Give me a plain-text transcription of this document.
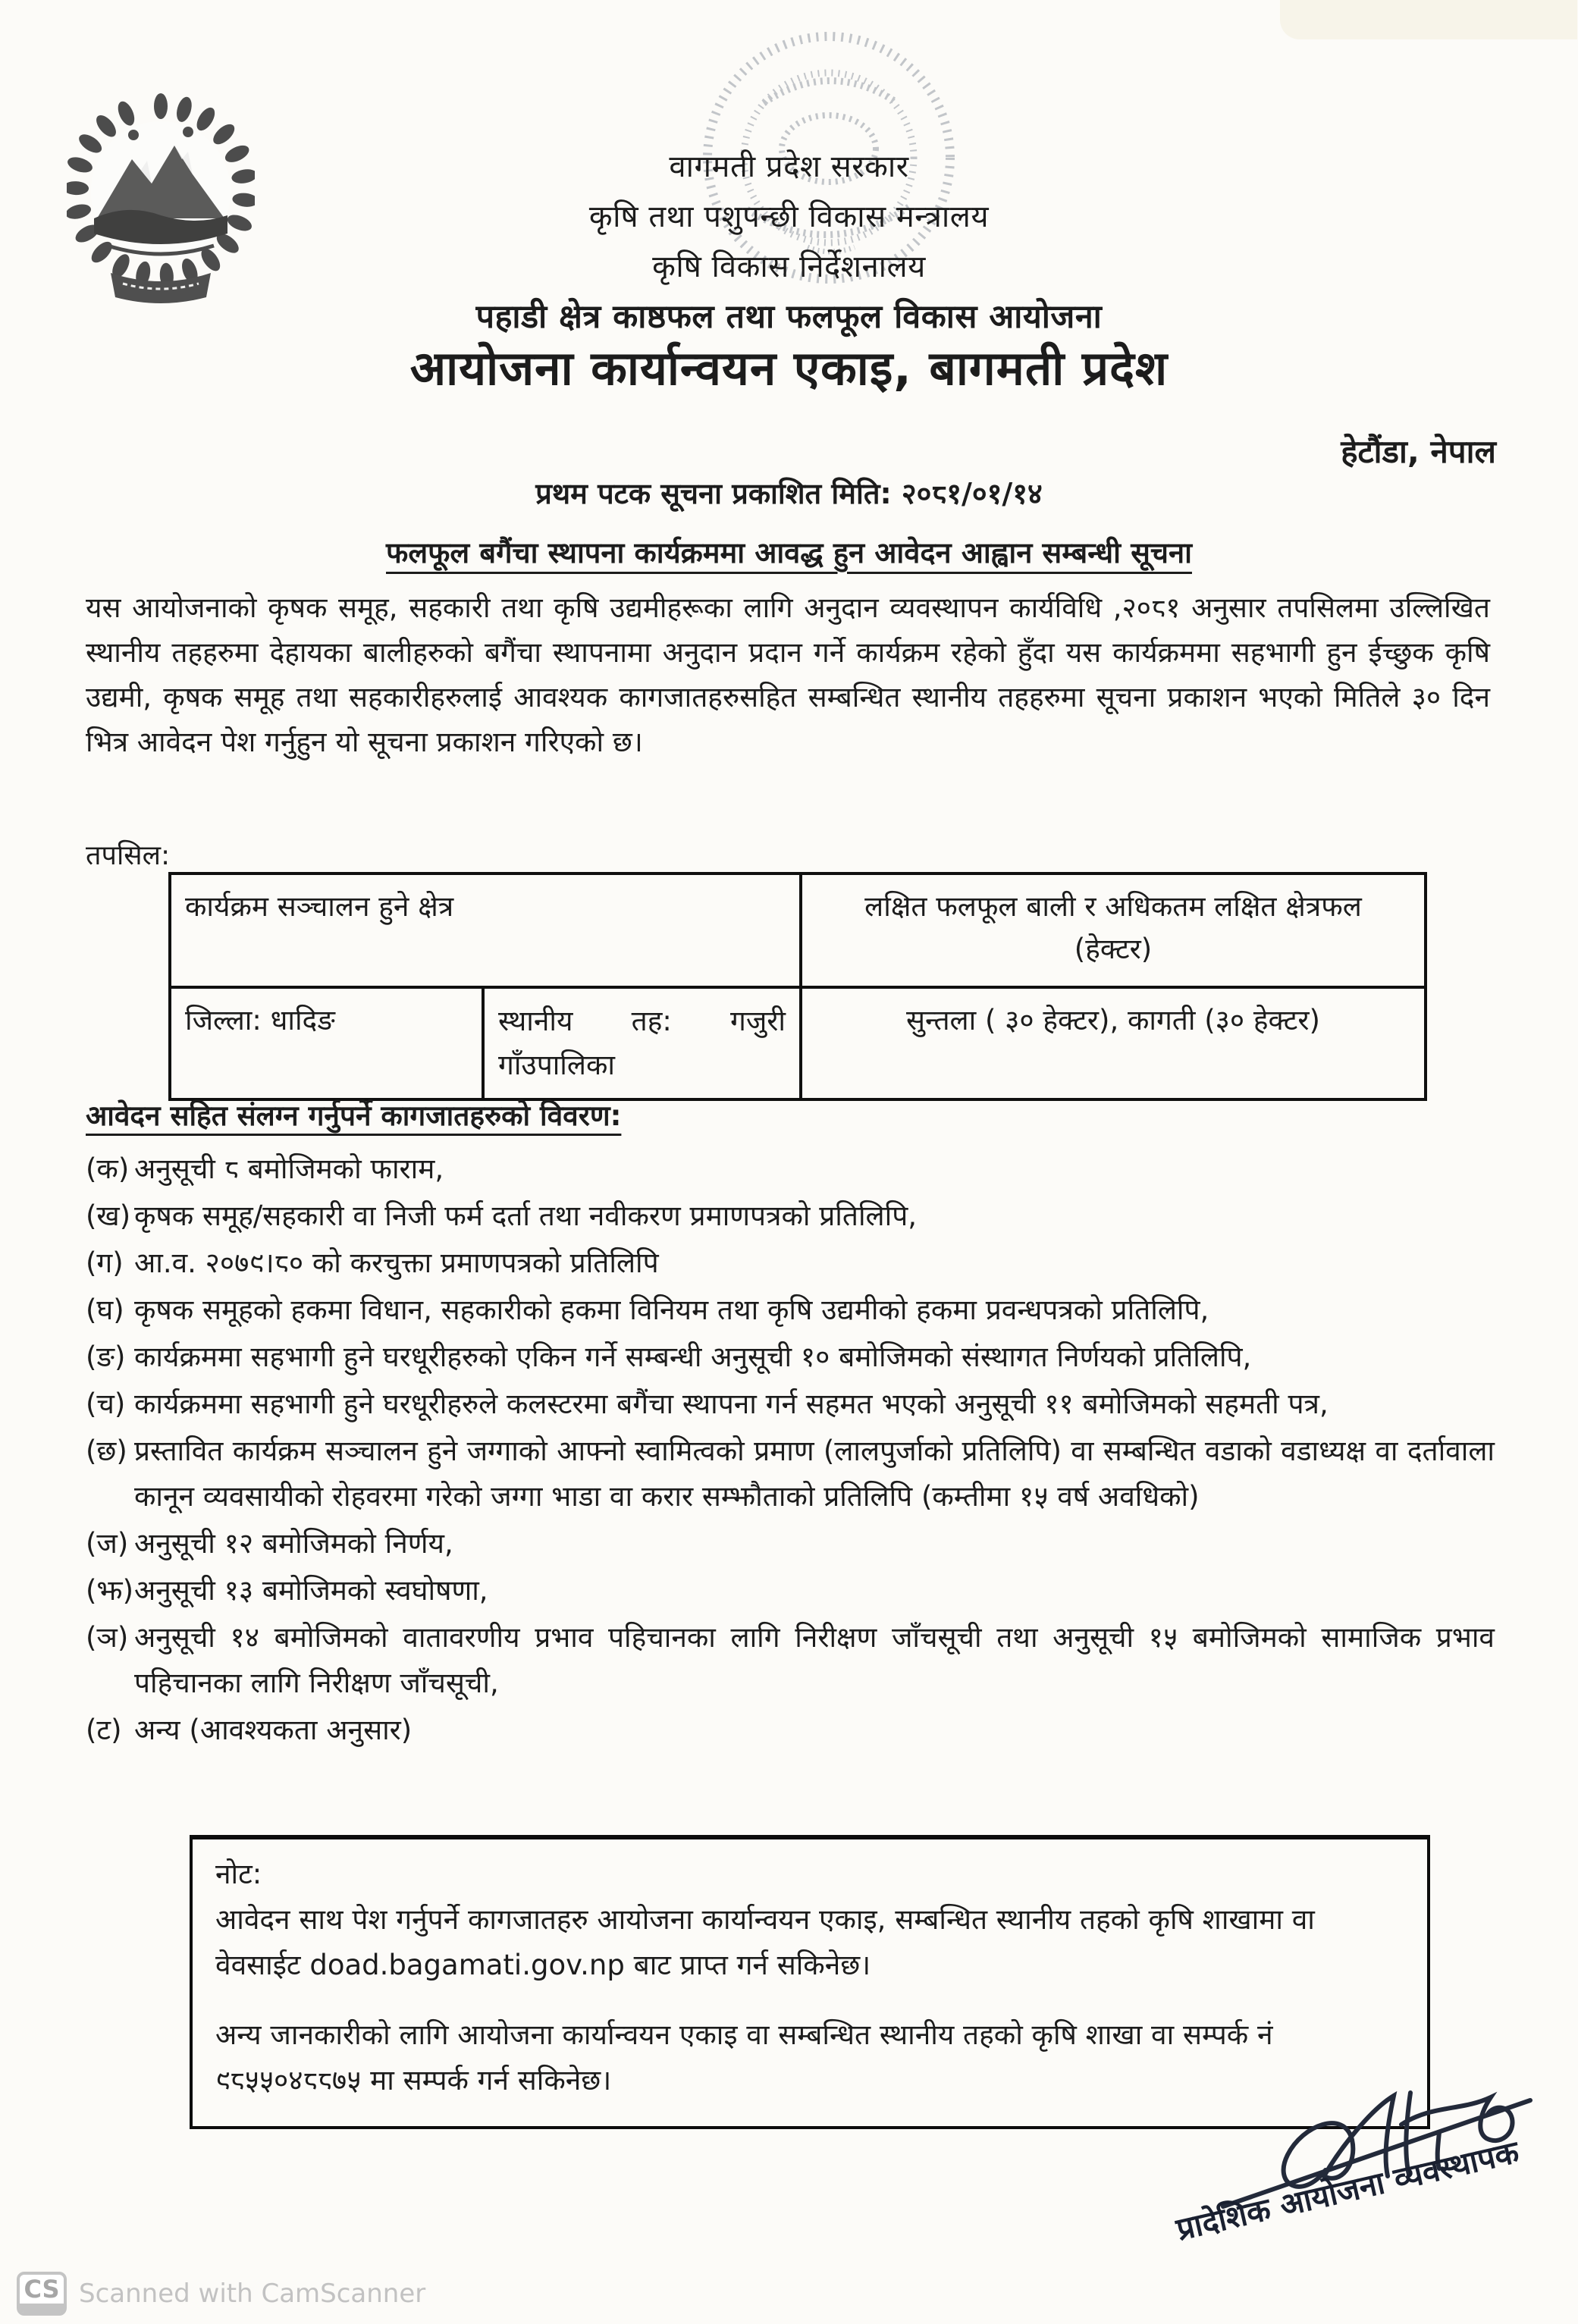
वागमती प्रदेश सरकार
कृषि तथा पशुपन्छी विकास मन्त्रालय
कृषि विकास निर्देशनालय
पहाडी क्षेत्र काष्ठफल तथा फलफूल विकास आयोजना
आयोजना कार्यान्वयन एकाइ, बागमती प्रदेश
हेटौंडा, नेपाल
प्रथम पटक सूचना प्रकाशित मिति: २०८१/०१/१४
फलफूल बगैंचा स्थापना कार्यक्रममा आवद्ध हुन आवेदन आह्वान सम्बन्धी सूचना
यस आयोजनाको कृषक समूह, सहकारी तथा कृषि उद्यमीहरूका लागि अनुदान व्यवस्थापन कार्यविधि ,२०८१ अनुसार तपसिलमा उल्लिखित स्थानीय तहहरुमा देहायका बालीहरुको बगैंचा स्थापनामा अनुदान प्रदान गर्ने कार्यक्रम रहेको हुँदा यस कार्यक्रममा सहभागी हुन ईच्छुक कृषि उद्यमी, कृषक समूह तथा सहकारीहरुलाई आवश्यक कागजातहरुसहित सम्बन्धित स्थानीय तहहरुमा सूचना प्रकाशन भएको मितिले ३० दिन भित्र आवेदन पेश गर्नुहुन यो सूचना प्रकाशन गरिएको छ।
तपसिल:
कार्यक्रम सञ्चालन हुने क्षेत्र		लक्षित फलफूल बाली र अधिकतम लक्षित क्षेत्रफल
(हेक्टर)

जिल्ला: धादिङ	स्थानीय तह: गजुरी गाँउपालिका	सुन्तला ( ३० हेक्टर), कागती (३० हेक्टर)
आवेदन सहित संलग्न गर्नुपर्ने कागजातहरुको विवरण:
(क) अनुसूची ८ बमोजिमको फाराम,
(ख) कृषक समूह/सहकारी वा निजी फर्म दर्ता तथा नवीकरण प्रमाणपत्रको प्रतिलिपि,
(ग) आ.व. २०७९।८० को करचुक्ता प्रमाणपत्रको प्रतिलिपि
(घ) कृषक समूहको हकमा विधान, सहकारीको हकमा विनियम तथा कृषि उद्यमीको हकमा प्रवन्धपत्रको प्रतिलिपि,
(ङ) कार्यक्रममा सहभागी हुने घरधूरीहरुको एकिन गर्ने सम्बन्धी अनुसूची १० बमोजिमको संस्थागत निर्णयको प्रतिलिपि,
(च) कार्यक्रममा सहभागी हुने घरधूरीहरुले कलस्टरमा बगैंचा स्थापना गर्न सहमत भएको अनुसूची ११ बमोजिमको सहमती पत्र,
(छ) प्रस्तावित कार्यक्रम सञ्चालन हुने जग्गाको आफ्नो स्वामित्वको प्रमाण (लालपुर्जाको प्रतिलिपि) वा सम्बन्धित वडाको वडाध्यक्ष वा दर्तावाला कानून व्यवसायीको रोहवरमा गरेको जग्गा भाडा वा करार सम्झौताको प्रतिलिपि (कम्तीमा १५ वर्ष अवधिको)
(ज) अनुसूची १२ बमोजिमको निर्णय,
(झ) अनुसूची १३ बमोजिमको स्वघोषणा,
(ञ) अनुसूची १४ बमोजिमको वातावरणीय प्रभाव पहिचानका लागि निरीक्षण जाँचसूची तथा अनुसूची १५ बमोजिमको सामाजिक प्रभाव पहिचानका लागि निरीक्षण जाँचसूची,
(ट) अन्य (आवश्यकता अनुसार)
नोट:
आवेदन साथ पेश गर्नुपर्ने कागजातहरु आयोजना कार्यान्वयन एकाइ, सम्बन्धित स्थानीय तहको कृषि शाखामा वा वेवसाईट doad.bagamati.gov.np बाट प्राप्त गर्न सकिनेछ।
अन्य जानकारीको लागि आयोजना कार्यान्वयन एकाइ वा सम्बन्धित स्थानीय तहको कृषि शाखा वा सम्पर्क नं ९८५५०४८८७५ मा सम्पर्क गर्न सकिनेछ।
प्रादेशिक आयोजना व्यवस्थापक
CS Scanned with CamScanner
